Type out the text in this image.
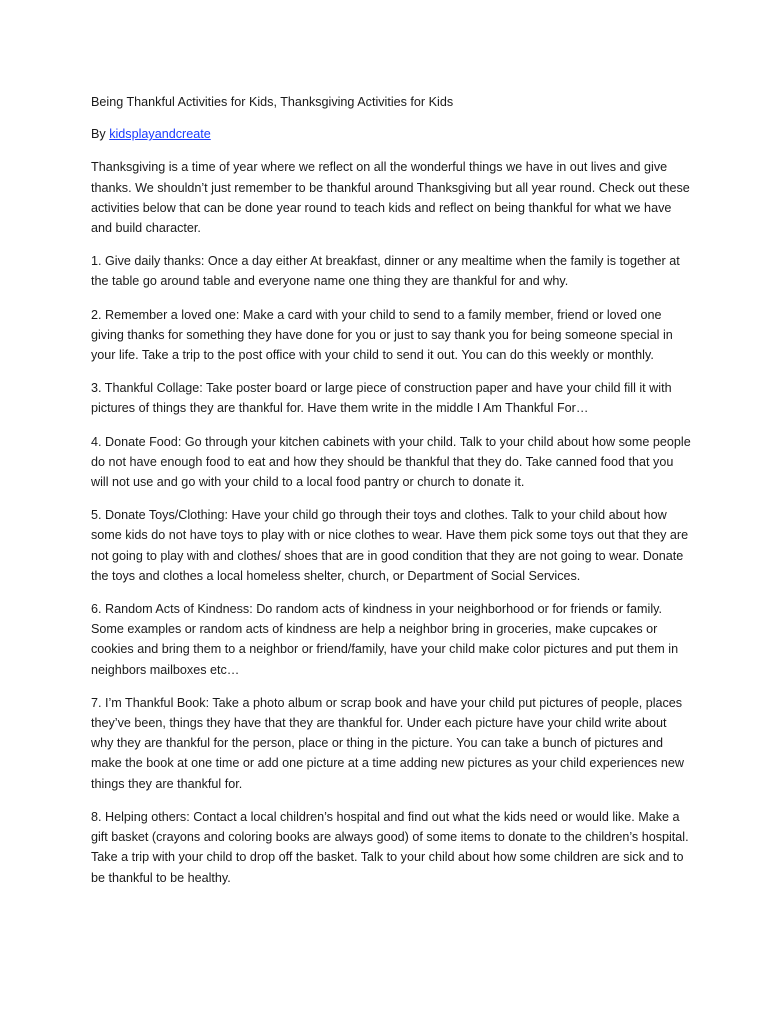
Being Thankful Activities for Kids, Thanksgiving Activities for Kids

By kidsplayandcreate

Thanksgiving is a time of year where we reflect on all the wonderful things we have in out lives and give thanks. We shouldn’t just remember to be thankful around Thanksgiving but all year round. Check out these activities below that can be done year round to teach kids and reflect on being thankful for what we have and build character.

1. Give daily thanks: Once a day either At breakfast, dinner or any mealtime when the family is together at the table go around table and everyone name one thing they are thankful for and why.

2. Remember a loved one: Make a card with your child to send to a family member, friend or loved one giving thanks for something they have done for you or just to say thank you for being someone special in your life. Take a trip to the post office with your child to send it out. You can do this weekly or monthly.

3. Thankful Collage: Take poster board or large piece of construction paper and have your child fill it with pictures of things they are thankful for. Have them write in the middle I Am Thankful For…

4. Donate Food: Go through your kitchen cabinets with your child. Talk to your child about how some people do not have enough food to eat and how they should be thankful that they do. Take canned food that you will not use and go with your child to a local food pantry or church to donate it.

5. Donate Toys/Clothing: Have your child go through their toys and clothes. Talk to your child about how some kids do not have toys to play with or nice clothes to wear. Have them pick some toys out that they are not going to play with and clothes/ shoes that are in good condition that they are not going to wear. Donate the toys and clothes a local homeless shelter, church, or Department of Social Services.

6. Random Acts of Kindness: Do random acts of kindness in your neighborhood or for friends or family. Some examples or random acts of kindness are help a neighbor bring in groceries, make cupcakes or cookies and bring them to a neighbor or friend/family, have your child make color pictures and put them in neighbors mailboxes etc…

7. I’m Thankful Book: Take a photo album or scrap book and have your child put pictures of people, places they’ve been, things they have that they are thankful for. Under each picture have your child write about why they are thankful for the person, place or thing in the picture. You can take a bunch of pictures and make the book at one time or add one picture at a time adding new pictures as your child experiences new things they are thankful for.

8. Helping others: Contact a local children’s hospital and find out what the kids need or would like. Make a gift basket (crayons and coloring books are always good) of some items to donate to the children’s hospital. Take a trip with your child to drop off the basket. Talk to your child about how some children are sick and to be thankful to be healthy.
